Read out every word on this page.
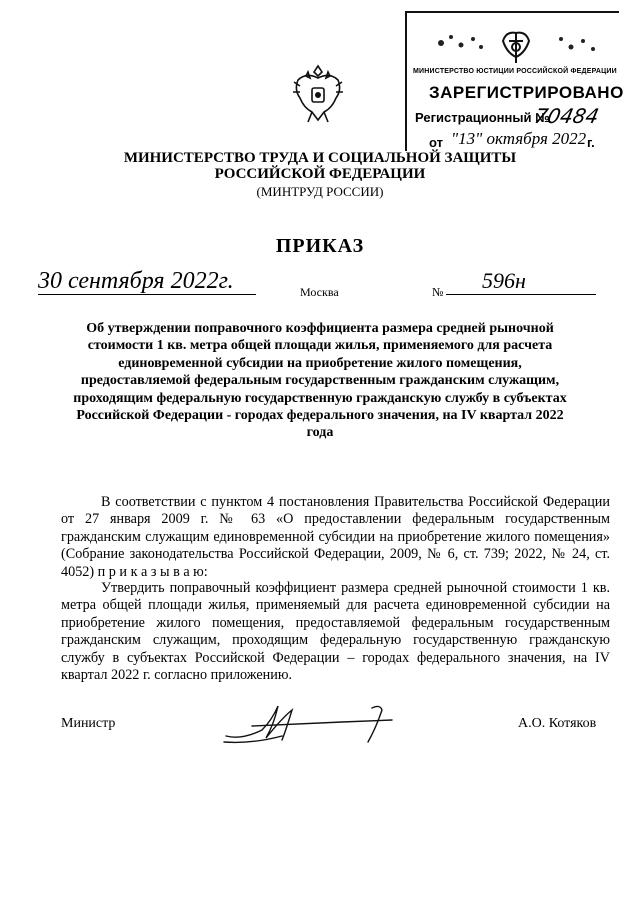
МИНИСТЕРСТВО ЮСТИЦИИ РОССИЙСКОЙ ФЕДЕРАЦИИ
ЗАРЕГИСТРИРОВАНО
Регистрационный №
70484
от "13" октября 2022 г.
МИНИСТЕРСТВО ТРУДА И СОЦИАЛЬНОЙ ЗАЩИТЫ РОССИЙСКОЙ ФЕДЕРАЦИИ
(МИНТРУД РОССИИ)
ПРИКАЗ
30 сентября 2022г.	Москва	№ 596н
Об утверждении поправочного коэффициента размера средней рыночной стоимости 1 кв. метра общей площади жилья, применяемого для расчета единовременной субсидии на приобретение жилого помещения, предоставляемой федеральным государственным гражданским служащим, проходящим федеральную государственную гражданскую службу в субъектах Российской Федерации - городах федерального значения, на IV квартал 2022 года
В соответствии с пунктом 4 постановления Правительства Российской Федерации от 27 января 2009 г. № 63 «О предоставлении федеральным государственным гражданским служащим единовременной субсидии на приобретение жилого помещения» (Собрание законодательства Российской Федерации, 2009, № 6, ст. 739; 2022, № 24, ст. 4052) п р и к а з ы в а ю:
Утвердить поправочный коэффициент размера средней рыночной стоимости 1 кв. метра общей площади жилья, применяемый для расчета единовременной субсидии на приобретение жилого помещения, предоставляемой федеральным государственным гражданским служащим, проходящим федеральную государственную гражданскую службу в субъектах Российской Федерации – городах федерального значения, на IV квартал 2022 г. согласно приложению.
Министр	А.О. Котяков
